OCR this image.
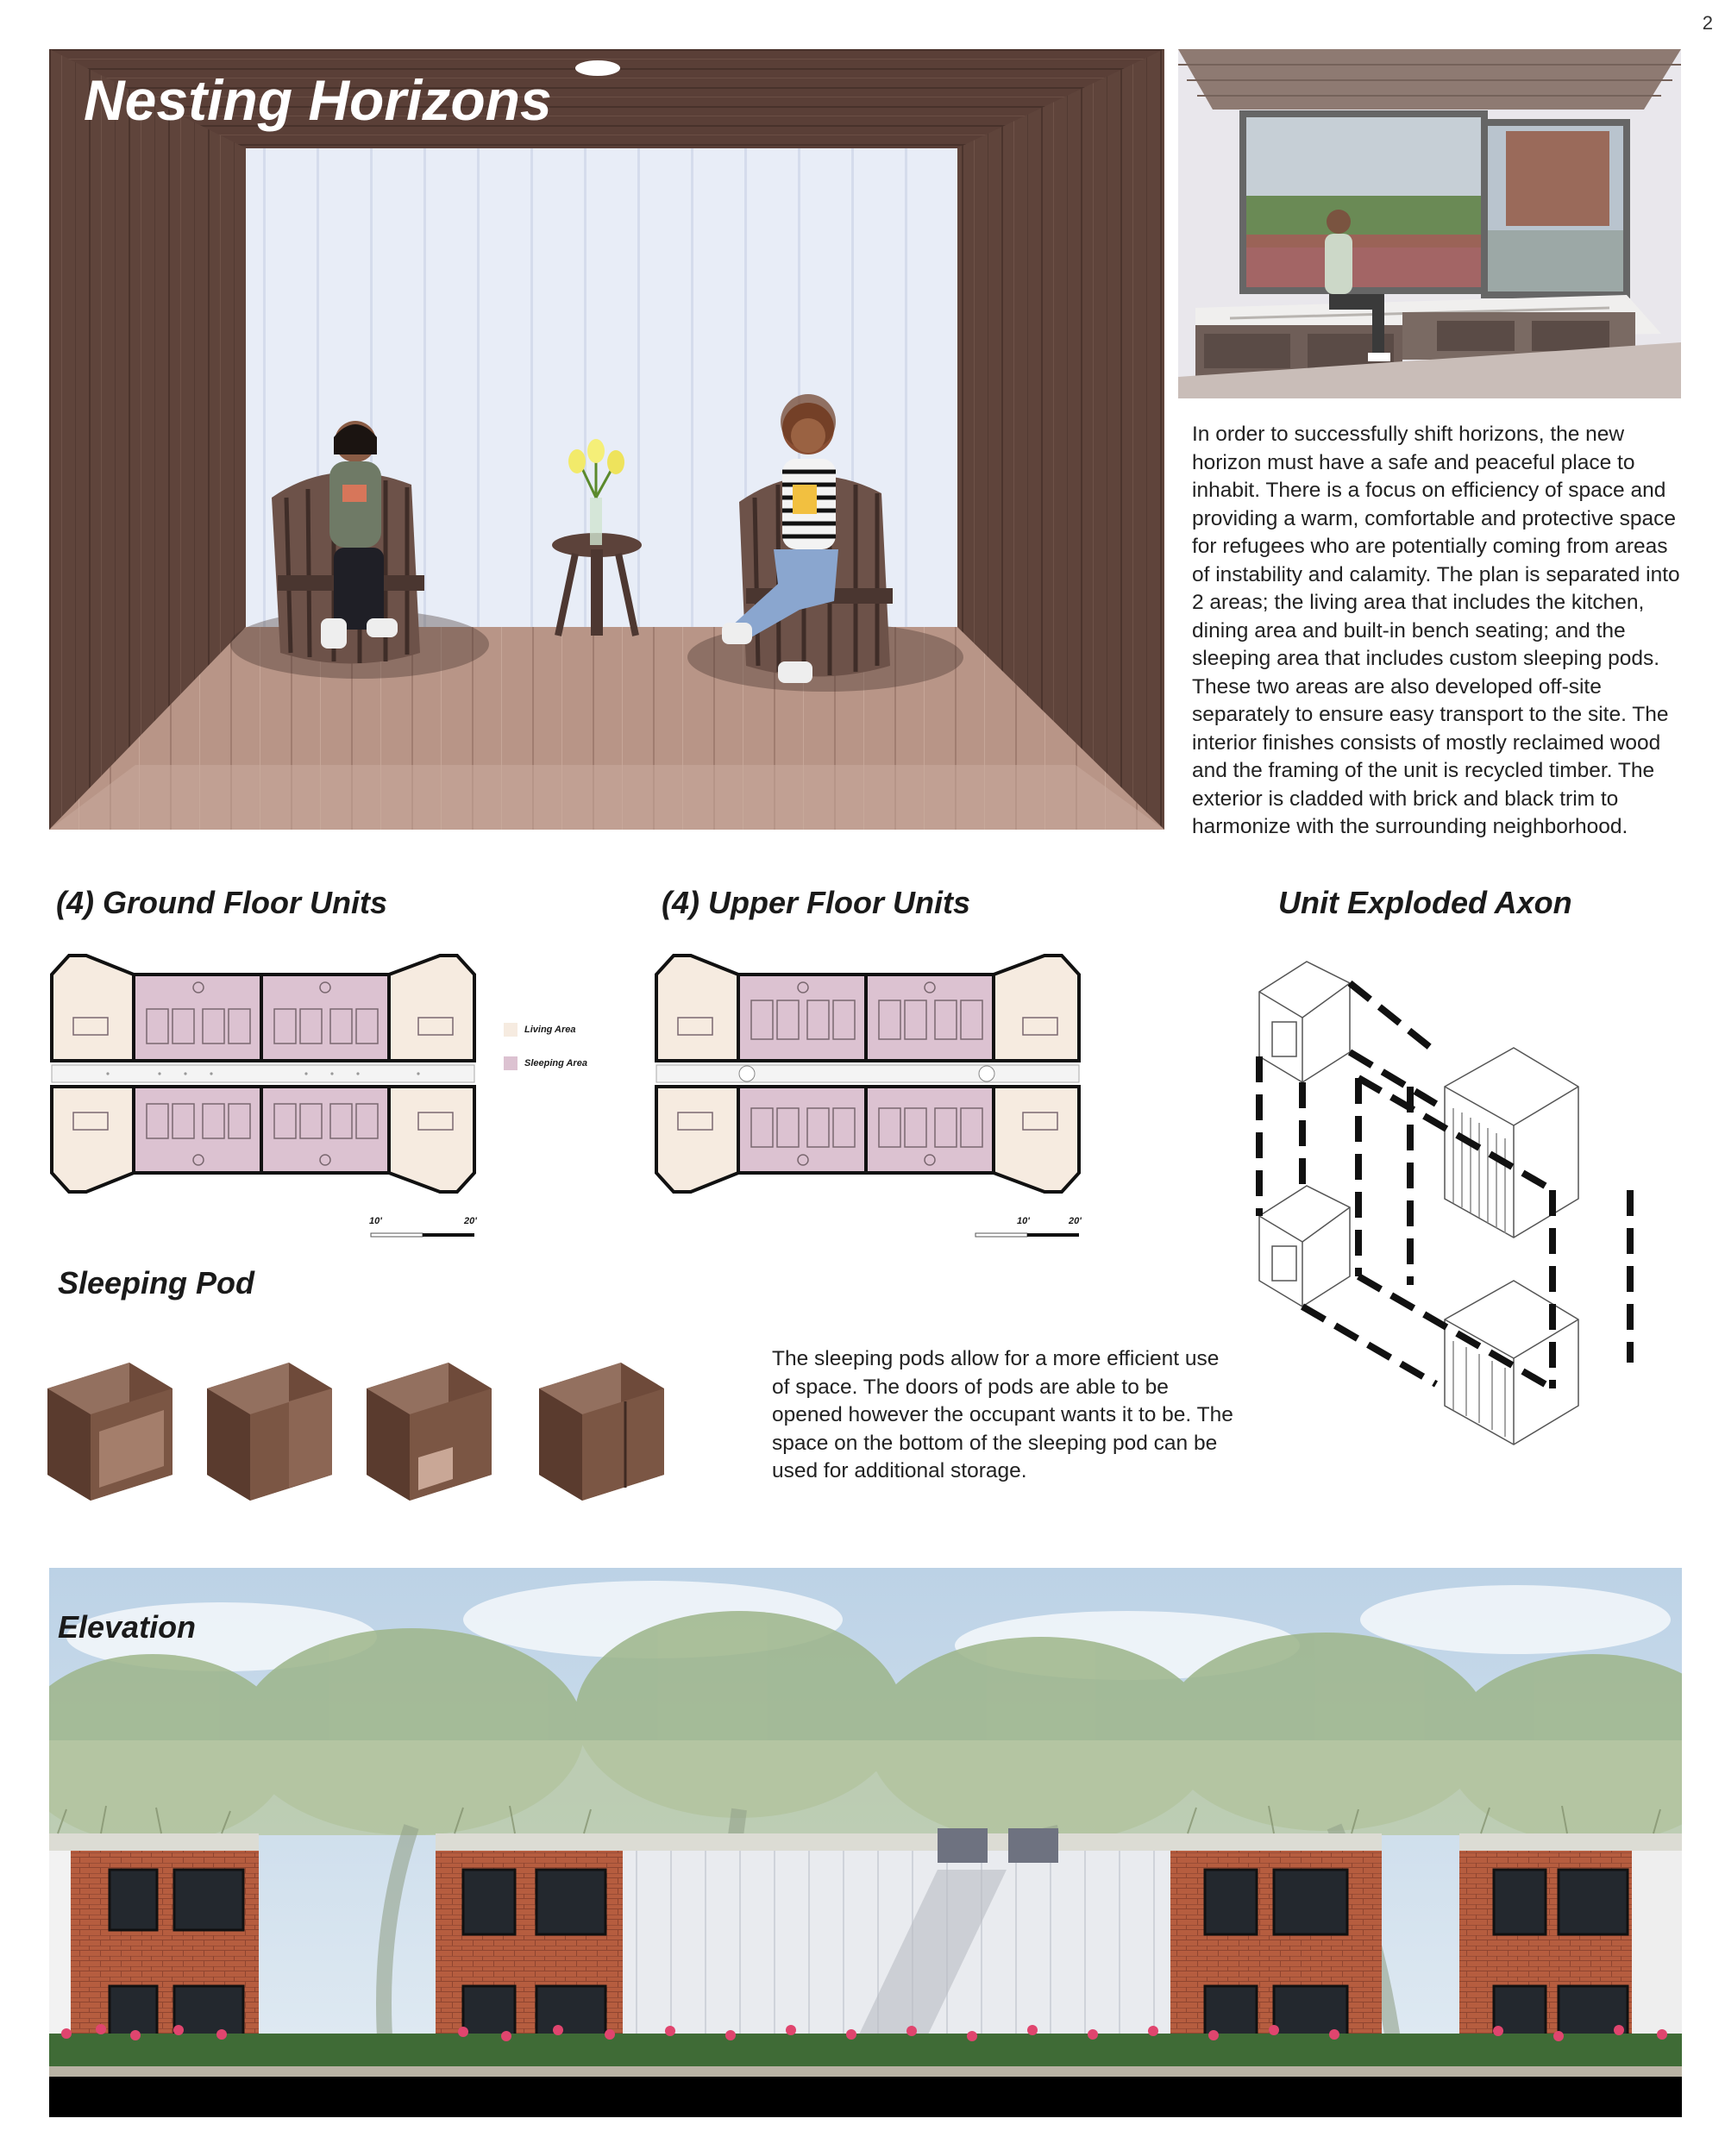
2
Nesting Horizons
In order to successfully shift horizons, the new horizon must have a safe and peaceful place to inhabit. There is a focus on efficiency of space and providing a warm, comfortable and protective space for refugees who are potentially coming from areas of instability and calamity. The plan is separated into 2 areas; the living area that includes the kitchen, dining area and built-in bench seating; and the sleeping area that includes custom sleeping pods. These two areas are also developed off-site separately to ensure easy transport to the site. The interior finishes consists of mostly reclaimed wood and the framing of the unit is recycled timber. The exterior is cladded with brick and black trim to harmonize with the surrounding neighborhood.
(4) Ground Floor Units
10'	20'
Living Area
Sleeping Area
(4) Upper Floor Units
10'	20'
Unit Exploded Axon
Sleeping Pod
The sleeping pods allow for a more efficient use of space. The doors of pods are able to be opened however the occupant wants it to be. The space on the bottom of the sleeping pod can be used for additional storage.
Elevation
